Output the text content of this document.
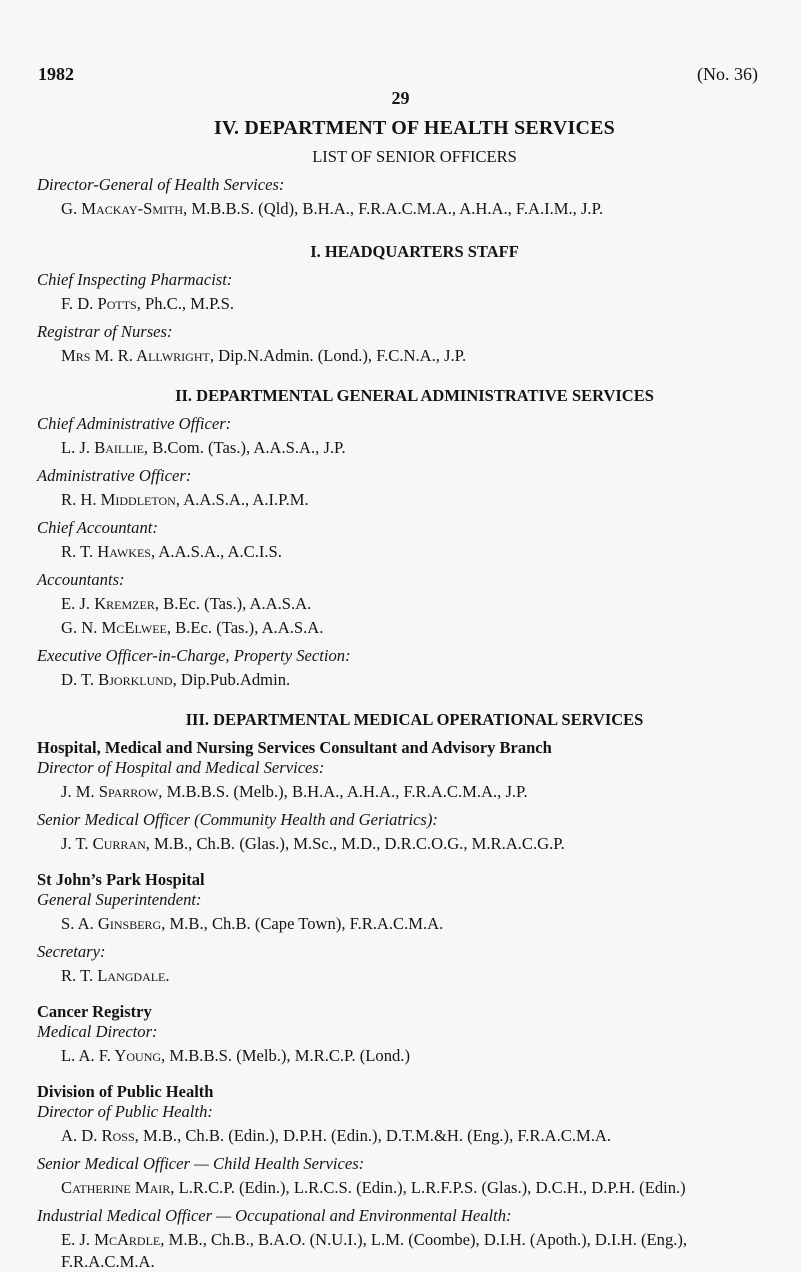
1982	(No. 36)
29
IV. DEPARTMENT OF HEALTH SERVICES
LIST OF SENIOR OFFICERS
Director-General of Health Services:
G. Mackay-Smith, M.B.B.S. (Qld), B.H.A., F.R.A.C.M.A., A.H.A., F.A.I.M., J.P.
I. HEADQUARTERS STAFF
Chief Inspecting Pharmacist:
F. D. Potts, Ph.C., M.P.S.
Registrar of Nurses:
Mrs M. R. Allwright, Dip.N.Admin. (Lond.), F.C.N.A., J.P.
II. DEPARTMENTAL GENERAL ADMINISTRATIVE SERVICES
Chief Administrative Officer:
L. J. Baillie, B.Com. (Tas.), A.A.S.A., J.P.
Administrative Officer:
R. H. Middleton, A.A.S.A., A.I.P.M.
Chief Accountant:
R. T. Hawkes, A.A.S.A., A.C.I.S.
Accountants:
E. J. Kremzer, B.Ec. (Tas.), A.A.S.A.
G. N. McElwee, B.Ec. (Tas.), A.A.S.A.
Executive Officer-in-Charge, Property Section:
D. T. Bjorklund, Dip.Pub.Admin.
III. DEPARTMENTAL MEDICAL OPERATIONAL SERVICES
Hospital, Medical and Nursing Services Consultant and Advisory Branch
Director of Hospital and Medical Services:
J. M. Sparrow, M.B.B.S. (Melb.), B.H.A., A.H.A., F.R.A.C.M.A., J.P.
Senior Medical Officer (Community Health and Geriatrics):
J. T. Curran, M.B., Ch.B. (Glas.), M.Sc., M.D., D.R.C.O.G., M.R.A.C.G.P.
St John’s Park Hospital
General Superintendent:
S. A. Ginsberg, M.B., Ch.B. (Cape Town), F.R.A.C.M.A.
Secretary:
R. T. Langdale.
Cancer Registry
Medical Director:
L. A. F. Young, M.B.B.S. (Melb.), M.R.C.P. (Lond.)
Division of Public Health
Director of Public Health:
A. D. Ross, M.B., Ch.B. (Edin.), D.P.H. (Edin.), D.T.M.&H. (Eng.), F.R.A.C.M.A.
Senior Medical Officer — Child Health Services:
Catherine Mair, L.R.C.P. (Edin.), L.R.C.S. (Edin.), L.R.F.P.S. (Glas.), D.C.H., D.P.H. (Edin.)
Industrial Medical Officer — Occupational and Environmental Health:
E. J. McArdle, M.B., Ch.B., B.A.O. (N.U.I.), L.M. (Coombe), D.I.H. (Apoth.), D.I.H. (Eng.),
F.R.A.C.M.A.
